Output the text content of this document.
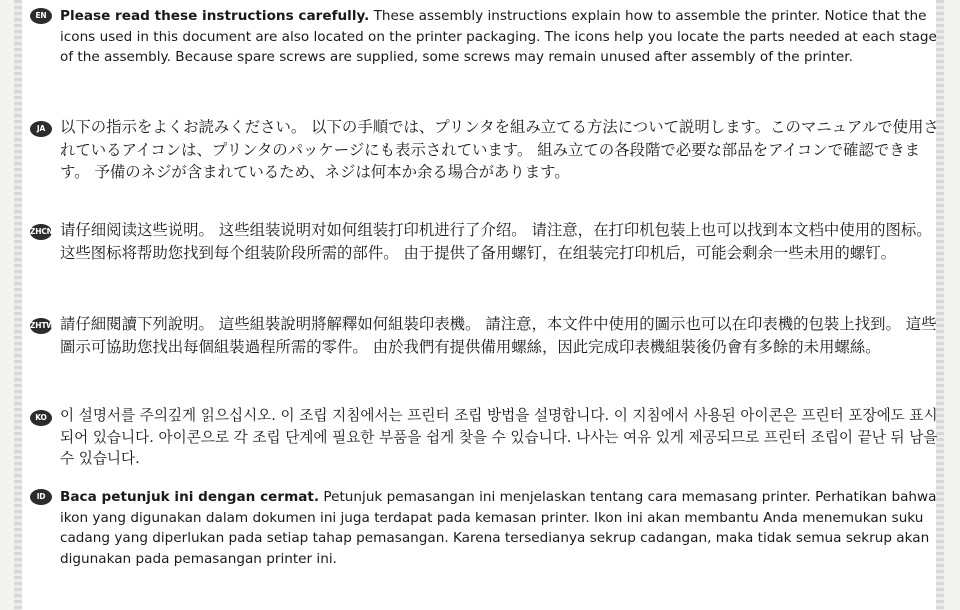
EN Please read these instructions carefully. These assembly instructions explain how to assemble the printer. Notice that the icons used in this document are also located on the printer packaging. The icons help you locate the parts needed at each stage of the assembly. Because spare screws are supplied, some screws may remain unused after assembly of the printer.

JA 以下の指示をよくお読みください。 以下の手順では、プリンタを組み立てる方法について説明します。このマニュアルで使用されているアイコンは、プリンタのパッケージにも表示されています。 組み立ての各段階で必要な部品をアイコンで確認できます。 予備のネジが含まれているため、ネジは何本か余る場合があります。

ZHCN 请仔细阅读这些说明。 这些组装说明对如何组装打印机进行了介绍。 请注意，在打印机包装上也可以找到本文档中使用的图标。 这些图标将帮助您找到每个组装阶段所需的部件。 由于提供了备用螺钉，在组装完打印机后，可能会剩余一些未用的螺钉。

ZHTW 請仔細閱讀下列說明。 這些組裝說明將解釋如何組裝印表機。 請注意，本文件中使用的圖示也可以在印表機的包裝上找到。 這些圖示可協助您找出每個組裝過程所需的零件。 由於我們有提供備用螺絲，因此完成印表機組裝後仍會有多餘的未用螺絲。

KO 이 설명서를 주의깊게 읽으십시오. 이 조립 지침에서는 프린터 조립 방법을 설명합니다. 이 지침에서 사용된 아이콘은 프린터 포장에도 표시되어 있습니다. 아이콘으로 각 조립 단계에 필요한 부품을 쉽게 찾을 수 있습니다. 나사는 여유 있게 제공되므로 프린터 조립이 끝난 뒤 남을 수 있습니다.

ID	Baca petunjuk ini dengan cermat. Petunjuk pemasangan ini menjelaskan tentang cara memasang printer. Perhatikan bahwa ikon yang digunakan dalam dokumen ini juga terdapat pada kemasan printer. Ikon ini akan membantu Anda menemukan suku cadang yang diperlukan pada setiap tahap pemasangan. Karena tersedianya sekrup cadangan, maka tidak semua sekrup akan digunakan pada pemasangan printer ini.
